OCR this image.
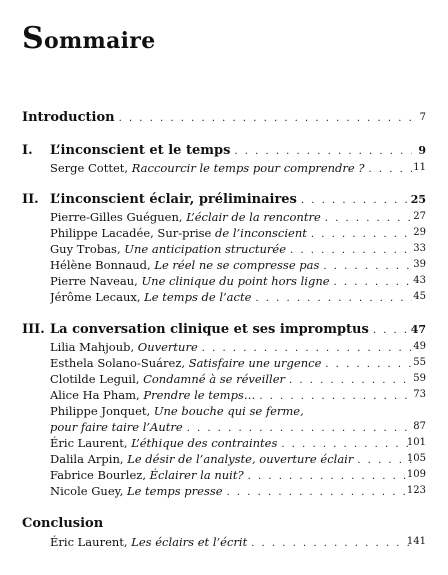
Sommaire
Introduction . . .	7
I. L’inconscient et le temps . . .	9
Serge Cottet, Raccourcir le temps pour comprendre ? . . .	11
II. L’inconscient éclair, préliminaires . . .	25
Pierre-Gilles Guéguen, L’éclair de la rencontre . . .	27
Philippe Lacadée, Sur-prise de l’inconscient . . .	29
Guy Trobas, Une anticipation structurée . . .	33
Hélène Bonnaud, Le réel ne se compresse pas . . .	39
Pierre Naveau, Une clinique du point hors ligne . . .	43
Jérôme Lecaux, Le temps de l’acte . . .	45
III. La conversation clinique et ses impromptus . . .	47
Lilia Mahjoub, Ouverture . . .	49
Esthela Solano-Suárez, Satisfaire une urgence . . .	55
Clotilde Leguil, Condamné à se réveiller . . .	59
Alice Ha Pham, Prendre le temps… . . .	73
Philippe Jonquet, Une bouche qui se ferme,
pour faire taire l’Autre . . .	87
Éric Laurent, L’éthique des contraintes . . .	101
Dalila Arpin, Le désir de l’analyste, ouverture éclair . . .	105
Fabrice Bourlez, Éclairer la nuit? . . .	109
Nicole Guey, Le temps presse . . .	123
Conclusion
Éric Laurent, Les éclairs et l’écrit . . .	141
